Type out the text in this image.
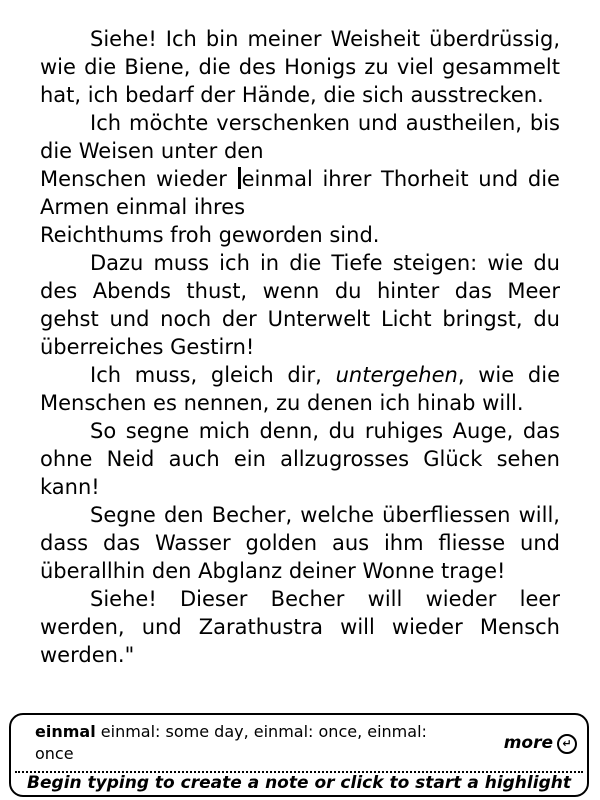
Siehe! Ich bin meiner Weisheit überdrüssig, wie die Biene, die des Honigs zu viel gesammelt hat, ich bedarf der Hände, die sich ausstrecken.

Ich möchte verschenken und austheilen, bis die Weisen unter den
Menschen wieder einmal ihrer Thorheit und die Armen einmal ihres
Reichthums froh geworden sind.

Dazu muss ich in die Tiefe steigen: wie du des Abends thust, wenn du hinter das Meer gehst und noch der Unterwelt Licht bringst, du überreiches Gestirn!

Ich muss, gleich dir, untergehen, wie die Menschen es nennen, zu denen ich hinab will.

So segne mich denn, du ruhiges Auge, das ohne Neid auch ein allzugrosses Glück sehen kann!

Segne den Becher, welche überfliessen will, dass das Wasser golden aus ihm fliesse und überallhin den Abglanz deiner Wonne trage!

Siehe! Dieser Becher will wieder leer werden, und Zarathustra will wieder Mensch werden."

einmal einmal: some day, einmal: once, einmal: once
more ↵
Begin typing to create a note or click to start a highlight
